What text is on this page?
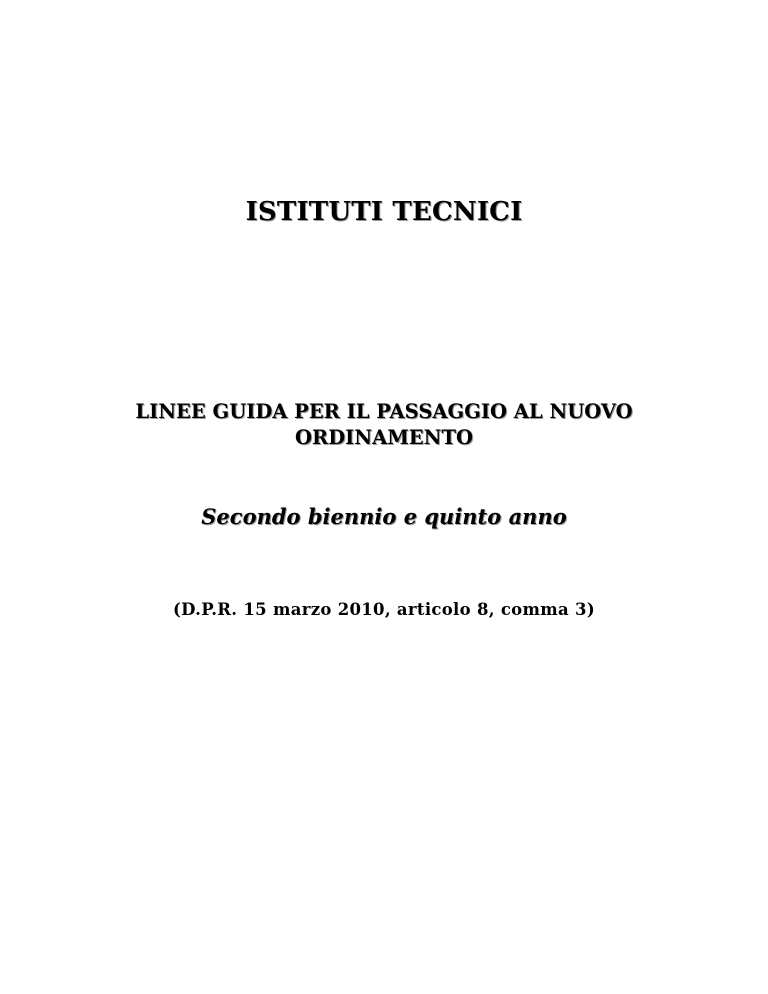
ISTITUTI TECNICI
LINEE GUIDA PER IL PASSAGGIO AL NUOVO
ORDINAMENTO
Secondo biennio e quinto anno
(D.P.R. 15 marzo 2010, articolo 8, comma 3)
